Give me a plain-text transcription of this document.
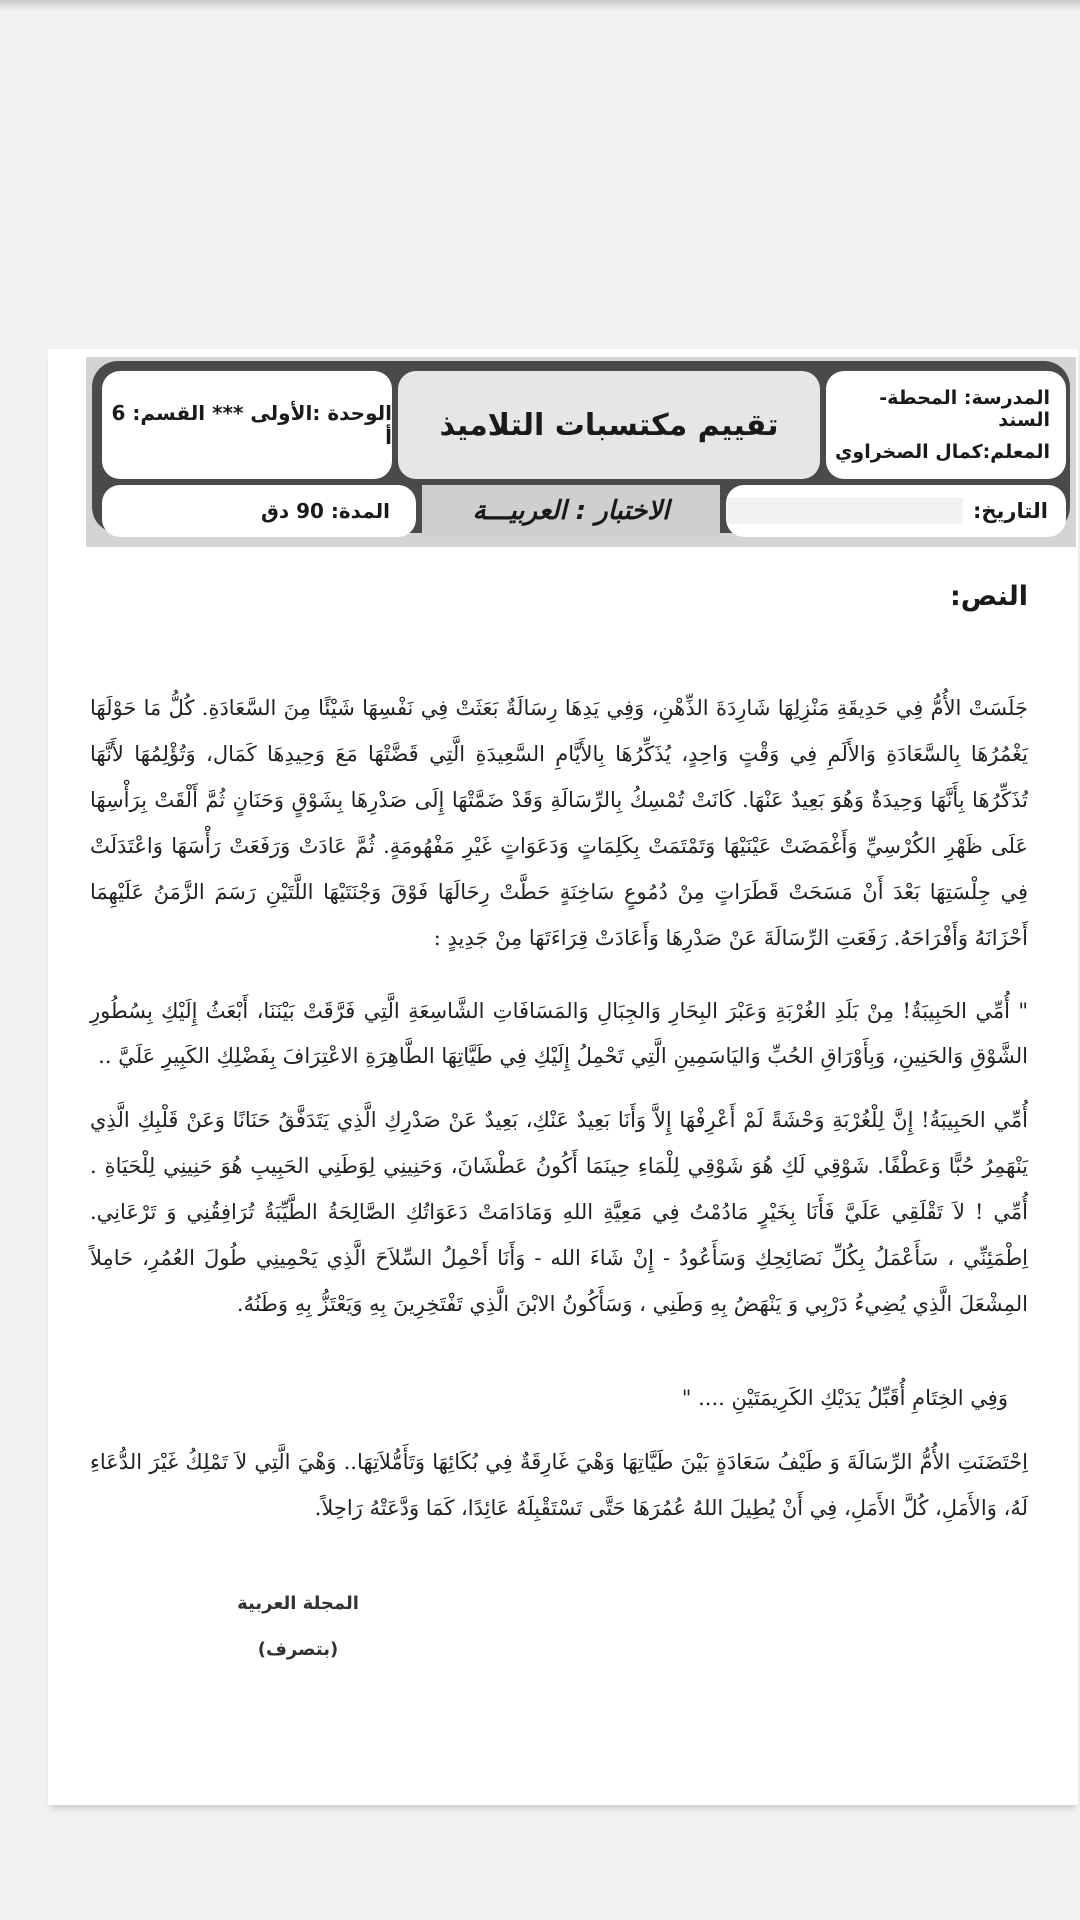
المدرسة: المحطة- السند
المعلم:كمال الصخراوي
تقييم مكتسبات التلاميذ
الوحدة :الأولى *** القسم: 6 أ
التاريخ:
الاختبار : العربيـــة
المدة: 90 دق
النص:
جَلَسَتْ الأُمُّ فِي حَدِيقَةِ مَنْزِلِهَا شَارِدَةَ الذِّهْنِ، وَفِي يَدِهَا رِسَالَةٌ بَعَثَتْ فِي نَفْسِهَا شَيْئًا مِنَ السَّعَادَةِ. كُلُّ مَا حَوْلَهَا يَغْمُرُهَا بِالسَّعَادَةِ وَالأَلَمِ فِي وَقْتٍ وَاحِدٍ، يُذَكِّرُهَا بِالأَيَّامِ السَّعِيدَةِ الَّتِي قَضَّتْهَا مَعَ وَحِيدِهَا كَمَال، وَتُؤْلِمُهَا لأَنَّهَا تُذَكِّرُهَا بِأَنَّهَا وَحِيدَةٌ وَهُوَ بَعِيدٌ عَنْهَا. كَانَتْ تُمْسِكُ بِالرِّسَالَةِ وَقَدْ ضَمَّتْهَا إِلَى صَدْرِهَا بِشَوْقٍ وَحَنَانٍ ثُمَّ أَلْقَتْ بِرَأْسِهَا عَلَى ظَهْرِ الكُرْسِيِّ وَأَغْمَضَتْ عَيْنَيْهَا وَتَمْتَمَتْ بِكَلِمَاتٍ وَدَعَوَاتٍ غَيْرِ مَفْهُومَةٍ. ثُمَّ عَادَتْ وَرَفَعَتْ رَأْسَهَا وَاعْتَدَلَتْ فِي جِلْسَتِهَا بَعْدَ أَنْ مَسَحَتْ قَطَرَاتٍ مِنْ دُمُوعٍ سَاخِنَةٍ حَطَّتْ رِحَالَهَا فَوْقَ وَجْنَتَيْهَا اللَّتَيْنِ رَسَمَ الزَّمَنُ عَلَيْهِمَا أَحْزَانَهُ وَأَفْرَاحَهُ. رَفَعَتِ الرِّسَالَةَ عَنْ صَدْرِهَا وَأَعَادَتْ قِرَاءَتَهَا مِنْ جَدِيدٍ :
" أُمِّي الحَبِيبَةُ! مِنْ بَلَدِ الغُرْبَةِ وَعَبْرَ البِحَارِ وَالجِبَالِ وَالمَسَافَاتِ الشَّاسِعَةِ الَّتِي فَرَّقَتْ بَيْنَنَا، أَبْعَثُ إِلَيْكِ بِسُطُورِ الشَّوْقِ وَالحَنِينِ، وَبِأَوْرَاقِ الحُبِّ وَاليَاسَمِينِ الَّتِي تَحْمِلُ إِلَيْكِ فِي طَيَّاتِهَا الطَّاهِرَةِ الاعْتِرَافَ بِفَضْلِكِ الكَبِيرِ عَلَيَّ ..
أُمِّي الحَبِيبَةُ! إِنَّ لِلْغُرْبَةِ وَحْشَةً لَمْ أَعْرِفْهَا إِلاَّ وَأَنَا بَعِيدٌ عَنْكِ، بَعِيدٌ عَنْ صَدْرِكِ الَّذِي يَتَدَفَّقُ حَنَانًا وَعَنْ قَلْبِكِ الَّذِي يَنْهَمِرُ حُبًّا وَعَطْفًا. شَوْقِي لَكِ هُوَ شَوْقِي لِلْمَاءِ حِينَمَا أَكُونُ عَطْشَانَ، وَحَنِينِي لِوَطَنِي الحَبِيبِ هُوَ حَنِينِي لِلْحَيَاةِ . أُمِّي ! لاَ تَقْلَقِي عَلَيَّ فَأَنَا بِخَيْرٍ مَادُمْتُ فِي مَعِيَّةِ اللهِ وَمَادَامَتْ دَعَوَاتُكِ الصَّالِحَةُ الطَّيِّبَةُ تُرَافِقُنِي وَ تَرْعَانِي. اِطْمَئِنِّي ، سَأَعْمَلُ بِكُلِّ نَصَائِحِكِ وَسَأَعُودُ - إِنْ شَاءَ الله - وَأَنَا أَحْمِلُ السِّلاَحَ الَّذِي يَحْمِينِي طُولَ العُمُرِ، حَامِلاً المِشْعَلَ الَّذِي يُضِيءُ دَرْبِي وَ يَنْهَضُ بِهِ وَطَنِي ، وَسَأَكُونُ الابْنَ الَّذِي تَفْتَخِرِينَ بِهِ وَيَعْتَزُّ بِهِ وَطَنُهُ.
وَفِي الخِتَامِ أُقَبِّلُ يَدَيْكِ الكَرِيمَتَيْنِ .... "
اِحْتَضَنَتِ الأُمُّ الرِّسَالَةَ وَ طَيْفُ سَعَادَةٍ بَيْنَ طَيَّاتِهَا وَهْيَ غَارِقَةٌ فِي بُكَائِهَا وَتَأَمُّلاَتِهَا.. وَهْيَ الَّتِي لاَ تَمْلِكُ غَيْرَ الدُّعَاءِ لَهُ، وَالأَمَلِ، كُلَّ الأَمَلِ، فِي أَنْ يُطِيلَ اللهُ عُمُرَهَا حَتَّى تَسْتَقْبِلَهُ عَائِدًا، كَمَا وَدَّعَتْهُ رَاحِلاً.
المجلة العربية
(بتصرف)
